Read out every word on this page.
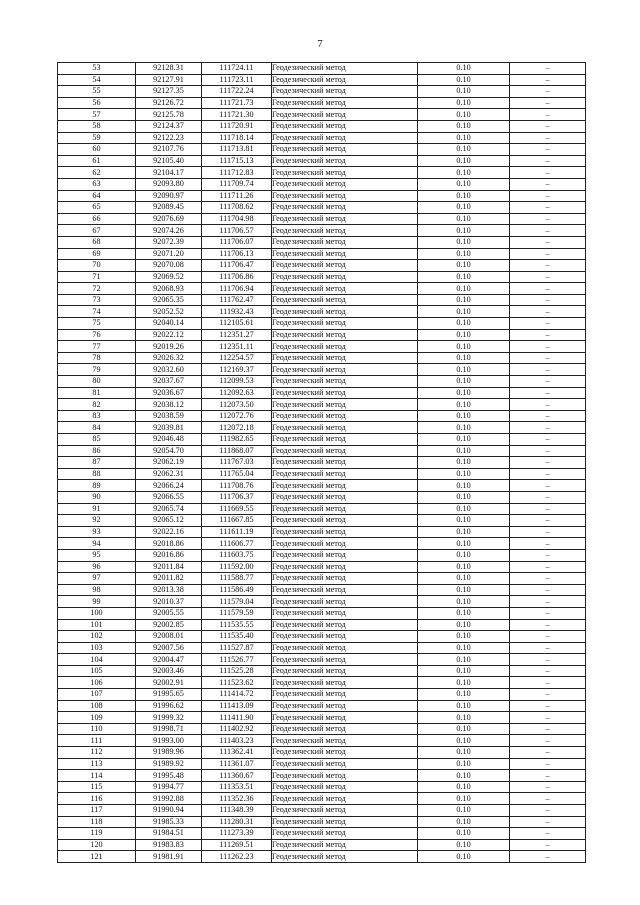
7
53	92128.31	111724.11	Геодезический метод	0.10	–
54	92127.91	111723.11	Геодезический метод	0.10	–
55	92127.35	111722.24	Геодезический метод	0.10	–
56	92126.72	111721.73	Геодезический метод	0.10	–
57	92125.78	111721.30	Геодезический метод	0.10	–
58	92124.37	111720.91	Геодезический метод	0.10	–
59	92122.23	111718.14	Геодезический метод	0.10	–
60	92107.76	111713.81	Геодезический метод	0.10	–
61	92105.40	111715.13	Геодезический метод	0.10	–
62	92104.17	111712.83	Геодезический метод	0.10	–
63	92093.80	111709.74	Геодезический метод	0.10	–
64	92090.97	111711.26	Геодезический метод	0.10	–
65	92089.45	111708.62	Геодезический метод	0.10	–
66	92076.69	111704.98	Геодезический метод	0.10	–
67	92074.26	111706.57	Геодезический метод	0.10	–
68	92072.39	111706.07	Геодезический метод	0.10	–
69	92071.20	111706.13	Геодезический метод	0.10	–
70	92070.08	111706.47	Геодезический метод	0.10	–
71	92069.52	111706.86	Геодезический метод	0.10	–
72	92068.93	111706.94	Геодезический метод	0.10	–
73	92065.35	111762.47	Геодезический метод	0.10	–
74	92052.52	111932.43	Геодезический метод	0.10	–
75	92040.14	112105.61	Геодезический метод	0.10	–
76	92022.12	112351.27	Геодезический метод	0.10	–
77	92019.26	112351.11	Геодезический метод	0.10	–
78	92026.32	112254.57	Геодезический метод	0.10	–
79	92032.60	112169.37	Геодезический метод	0.10	–
80	92037.67	112099.53	Геодезический метод	0.10	–
81	92036.67	112092.63	Геодезический метод	0.10	–
82	92038.12	112073.50	Геодезический метод	0.10	–
83	92038.59	112072.76	Геодезический метод	0.10	–
84	92039.81	112072.18	Геодезический метод	0.10	–
85	92046.48	111982.65	Геодезический метод	0.10	–
86	92054.70	111868.07	Геодезический метод	0.10	–
87	92062.19	111767.03	Геодезический метод	0.10	–
88	92062.31	111765.04	Геодезический метод	0.10	–
89	92066.24	111708.76	Геодезический метод	0.10	–
90	92066.55	111706.37	Геодезический метод	0.10	–
91	92065.74	111669.55	Геодезический метод	0.10	–
92	92065.12	111667.85	Геодезический метод	0.10	–
93	92022.16	111611.19	Геодезический метод	0.10	–
94	92018.86	111606.77	Геодезический метод	0.10	–
95	92016.86	111603.75	Геодезический метод	0.10	–
96	92011.84	111592.00	Геодезический метод	0.10	–
97	92011.82	111588.77	Геодезический метод	0.10	–
98	92013.38	111586.49	Геодезический метод	0.10	–
99	92010.37	111579.04	Геодезический метод	0.10	–
100	92005.55	111579.59	Геодезический метод	0.10	–
101	92002.85	111535.55	Геодезический метод	0.10	–
102	92008.01	111535.40	Геодезический метод	0.10	–
103	92007.56	111527.87	Геодезический метод	0.10	–
104	92004.47	111526.77	Геодезический метод	0.10	–
105	92003.46	111525.28	Геодезический метод	0.10	–
106	92002.91	111523.62	Геодезический метод	0.10	–
107	91995.65	111414.72	Геодезический метод	0.10	–
108	91996.62	111413.09	Геодезический метод	0.10	–
109	91999.32	111411.90	Геодезический метод	0.10	–
110	91998.71	111402.92	Геодезический метод	0.10	–
111	91993.00	111403.23	Геодезический метод	0.10	–
112	91989.96	111362.41	Геодезический метод	0.10	–
113	91989.92	111361.07	Геодезический метод	0.10	–
114	91995.48	111360.67	Геодезический метод	0.10	–
115	91994.77	111353.51	Геодезический метод	0.10	–
116	91992.88	111352.36	Геодезический метод	0.10	–
117	91990.94	111348.39	Геодезический метод	0.10	–
118	91985.33	111280.31	Геодезический метод	0.10	–
119	91984.51	111273.39	Геодезический метод	0.10	–
120	91983.83	111269.51	Геодезический метод	0.10	–
121	91981.91	111262.23	Геодезический метод	0.10	–
